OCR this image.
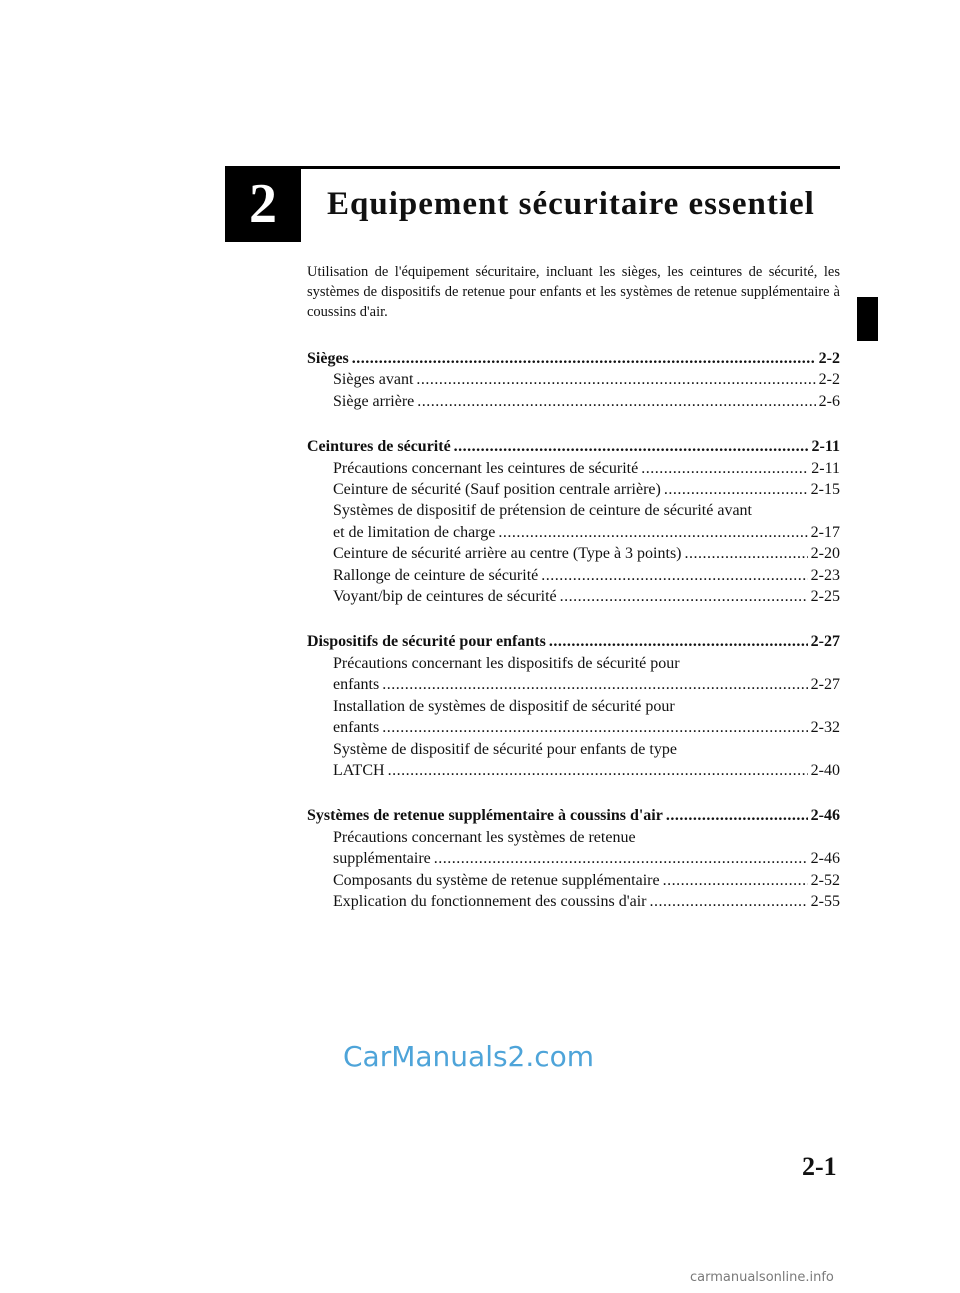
2 Equipement sécuritaire essentiel
Utilisation de l'équipement sécuritaire, incluant les sièges, les ceintures de sécurité, les systèmes de dispositifs de retenue pour enfants et les systèmes de retenue supplémentaire à coussins d'air.
Sièges .....	2-2
Sièges avant .....	2-2
Siège arrière .....	2-6
Ceintures de sécurité .....	2-11
Précautions concernant les ceintures de sécurité .....	2-11
Ceinture de sécurité (Sauf position centrale arrière) .....	2-15
Systèmes de dispositif de prétension de ceinture de sécurité avant
et de limitation de charge .....	2-17
Ceinture de sécurité arrière au centre (Type à 3 points) .....	2-20
Rallonge de ceinture de sécurité .....	2-23
Voyant/bip de ceintures de sécurité .....	2-25
Dispositifs de sécurité pour enfants .....	2-27
Précautions concernant les dispositifs de sécurité pour
enfants .....	2-27
Installation de systèmes de dispositif de sécurité pour
enfants .....	2-32
Système de dispositif de sécurité pour enfants de type
LATCH .....	2-40
Systèmes de retenue supplémentaire à coussins d'air .....	2-46
Précautions concernant les systèmes de retenue
supplémentaire .....	2-46
Composants du système de retenue supplémentaire .....	2-52
Explication du fonctionnement des coussins d'air .....	2-55
CarManuals2.com
2-1
carmanualsonline.info
